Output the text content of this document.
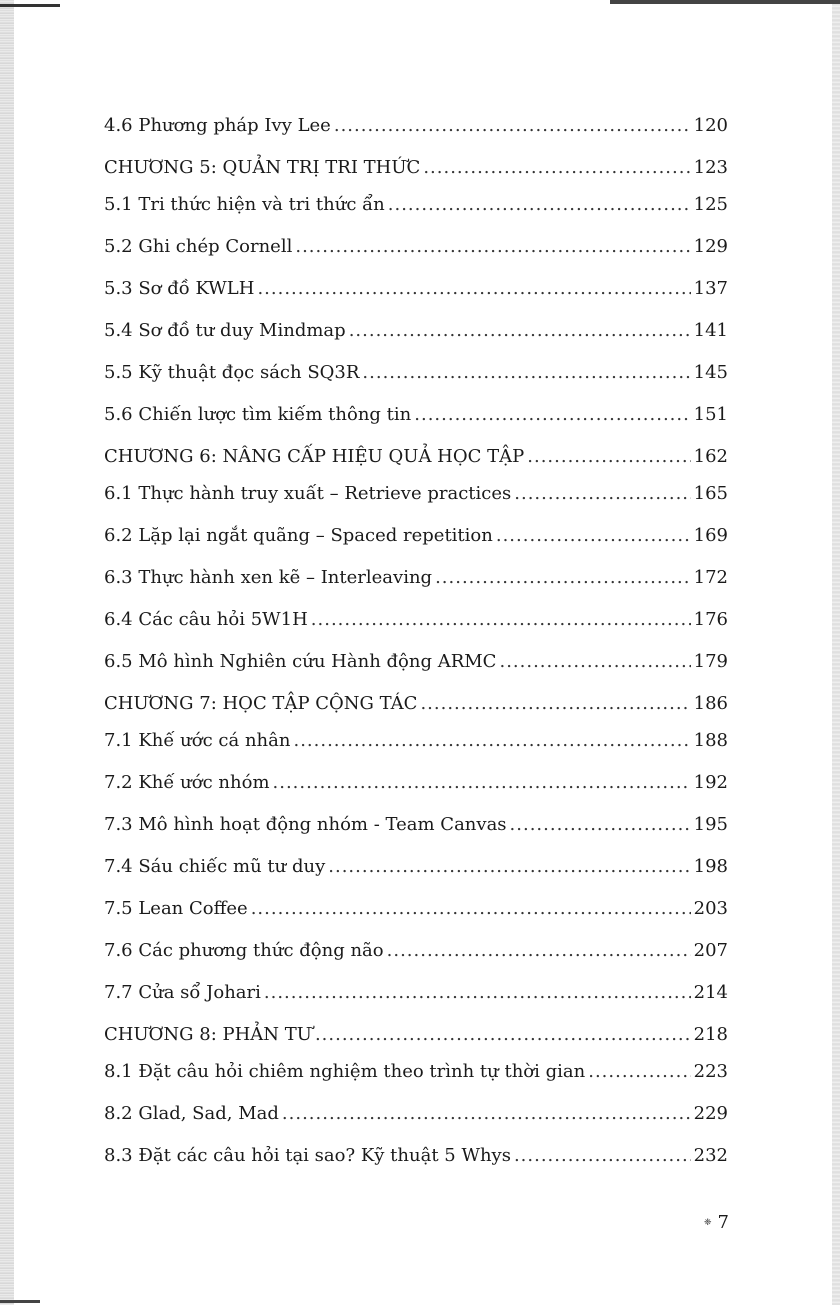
4.6 Phương pháp Ivy Lee .....	120
CHƯƠNG 5: QUẢN TRỊ TRI THỨC .....	123
5.1 Tri thức hiện và tri thức ẩn .....	125
5.2 Ghi chép Cornell .....	129
5.3 Sơ đồ KWLH .....	137
5.4 Sơ đồ tư duy Mindmap .....	141
5.5 Kỹ thuật đọc sách SQ3R .....	145
5.6 Chiến lược tìm kiếm thông tin .....	151
CHƯƠNG 6: NÂNG CẤP HIỆU QUẢ HỌC TẬP .....	162
6.1 Thực hành truy xuất – Retrieve practices .....	165
6.2 Lặp lại ngắt quãng – Spaced repetition .....	169
6.3 Thực hành xen kẽ – Interleaving .....	172
6.4 Các câu hỏi 5W1H .....	176
6.5 Mô hình Nghiên cứu Hành động ARMC .....	179
CHƯƠNG 7: HỌC TẬP CỘNG TÁC .....	186
7.1 Khế ước cá nhân .....	188
7.2 Khế ước nhóm .....	192
7.3 Mô hình hoạt động nhóm - Team Canvas .....	195
7.4 Sáu chiếc mũ tư duy .....	198
7.5 Lean Coffee .....	203
7.6 Các phương thức động não .....	207
7.7 Cửa sổ Johari .....	214
CHƯƠNG 8: PHẢN TƯ .....	218
8.1 Đặt câu hỏi chiêm nghiệm theo trình tự thời gian .....	223
8.2 Glad, Sad, Mad .....	229
8.3 Đặt các câu hỏi tại sao? Kỹ thuật 5 Whys .....	232
❈ 7
